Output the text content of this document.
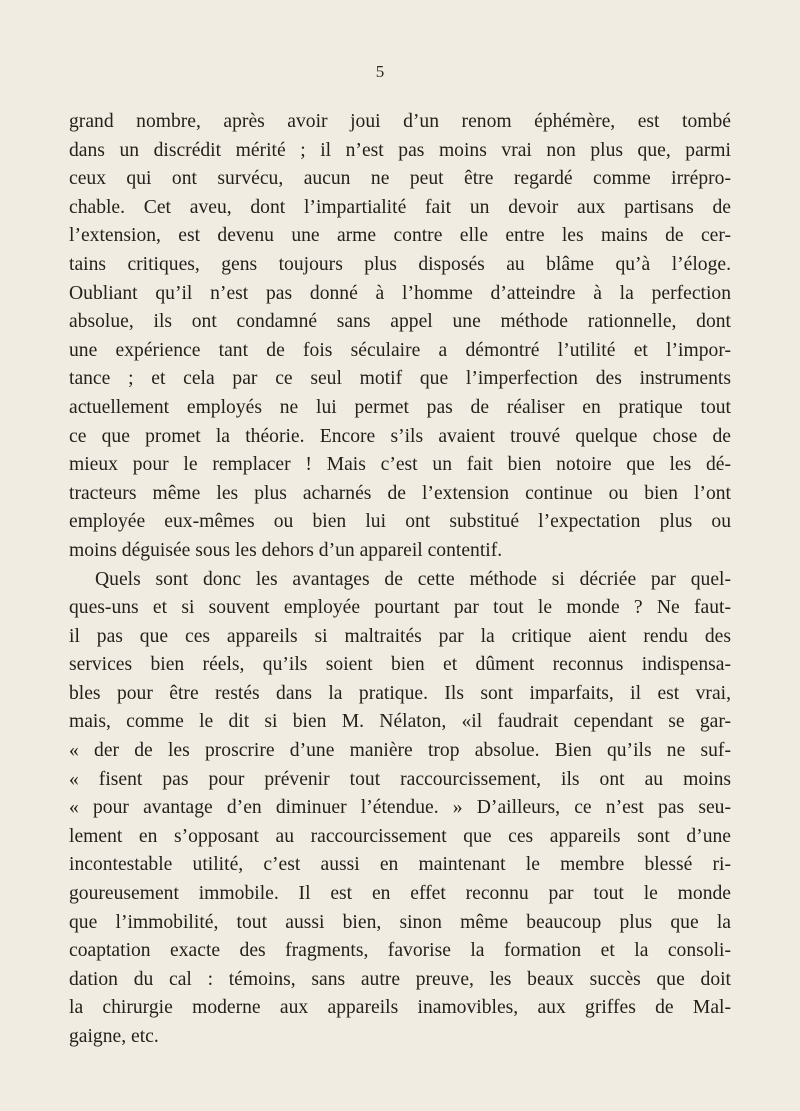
5
grand nombre, après avoir joui d’un renom éphémère, est tombé
dans un discrédit mérité ; il n’est pas moins vrai non plus que, parmi
ceux qui ont survécu, aucun ne peut être regardé comme irrépro-
chable. Cet aveu, dont l’impartialité fait un devoir aux partisans de
l’extension, est devenu une arme contre elle entre les mains de cer-
tains critiques, gens toujours plus disposés au blâme qu’à l’éloge.
Oubliant qu’il n’est pas donné à l’homme d’atteindre à la perfection
absolue, ils ont condamné sans appel une méthode rationnelle, dont
une expérience tant de fois séculaire a démontré l’utilité et l’impor-
tance ; et cela par ce seul motif que l’imperfection des instruments
actuellement employés ne lui permet pas de réaliser en pratique tout
ce que promet la théorie. Encore s’ils avaient trouvé quelque chose de
mieux pour le remplacer ! Mais c’est un fait bien notoire que les dé-
tracteurs même les plus acharnés de l’extension continue ou bien l’ont
employée eux-mêmes ou bien lui ont substitué l’expectation plus ou
moins déguisée sous les dehors d’un appareil contentif.
Quels sont donc les avantages de cette méthode si décriée par quel-
ques-uns et si souvent employée pourtant par tout le monde ? Ne faut-
il pas que ces appareils si maltraités par la critique aient rendu des
services bien réels, qu’ils soient bien et dûment reconnus indispensa-
bles pour être restés dans la pratique. Ils sont imparfaits, il est vrai,
mais, comme le dit si bien M. Nélaton, «il faudrait cependant se gar-
« der de les proscrire d’une manière trop absolue. Bien qu’ils ne suf-
« fisent pas pour prévenir tout raccourcissement, ils ont au moins
« pour avantage d’en diminuer l’étendue. » D’ailleurs, ce n’est pas seu-
lement en s’opposant au raccourcissement que ces appareils sont d’une
incontestable utilité, c’est aussi en maintenant le membre blessé ri-
goureusement immobile. Il est en effet reconnu par tout le monde
que l’immobilité, tout aussi bien, sinon même beaucoup plus que la
coaptation exacte des fragments, favorise la formation et la consoli-
dation du cal : témoins, sans autre preuve, les beaux succès que doit
la chirurgie moderne aux appareils inamovibles, aux griffes de Mal-
gaigne, etc.
